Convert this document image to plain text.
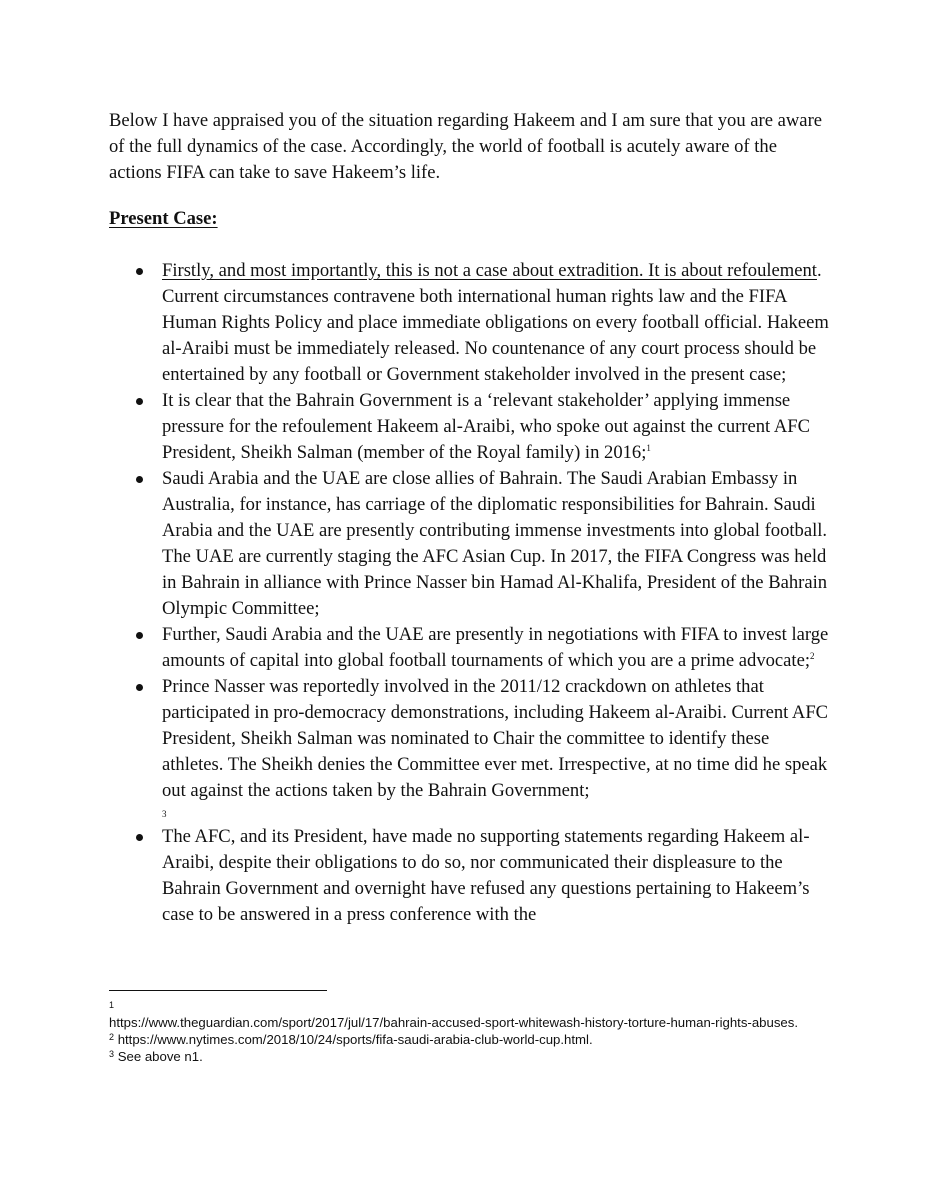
Below I have appraised you of the situation regarding Hakeem and I am sure that you are aware of the full dynamics of the case. Accordingly, the world of football is acutely aware of the actions FIFA can take to save Hakeem’s life.

Present Case:

Firstly, and most importantly, this is not a case about extradition. It is about refoulement. Current circumstances contravene both international human rights law and the FIFA Human Rights Policy and place immediate obligations on every football official. Hakeem al-Araibi must be immediately released. No countenance of any court process should be entertained by any football or Government stakeholder involved in the present case;
It is clear that the Bahrain Government is a ‘relevant stakeholder’ applying immense pressure for the refoulement Hakeem al-Araibi, who spoke out against the current AFC President, Sheikh Salman (member of the Royal family) in 2016;$^1$
Saudi Arabia and the UAE are close allies of Bahrain. The Saudi Arabian Embassy in Australia, for instance, has carriage of the diplomatic responsibilities for Bahrain. Saudi Arabia and the UAE are presently contributing immense investments into global football. The UAE are currently staging the AFC Asian Cup. In 2017, the FIFA Congress was held in Bahrain in alliance with Prince Nasser bin Hamad Al-Khalifa, President of the Bahrain Olympic Committee;
Further, Saudi Arabia and the UAE are presently in negotiations with FIFA to invest large amounts of capital into global football tournaments of which you are a prime advocate;$^2$
Prince Nasser was reportedly involved in the 2011/12 crackdown on athletes that participated in pro-democracy demonstrations, including Hakeem al-Araibi. Current AFC President, Sheikh Salman was nominated to Chair the committee to identify these athletes. The Sheikh denies the Committee ever met. Irrespective, at no time did he speak out against the actions taken by the Bahrain Government;
3
The AFC, and its President, have made no supporting statements regarding Hakeem al-Araibi, despite their obligations to do so, nor communicated their displeasure to the Bahrain Government and overnight have refused any questions pertaining to Hakeem’s case to be answered in a press conference with the
1
https://www.theguardian.com/sport/2017/jul/17/bahrain-accused-sport-whitewash-history-torture-human-rights-abuses.
$^2$ https://www.nytimes.com/2018/10/24/sports/fifa-saudi-arabia-club-world-cup.html.
$^3$ See above n1.
